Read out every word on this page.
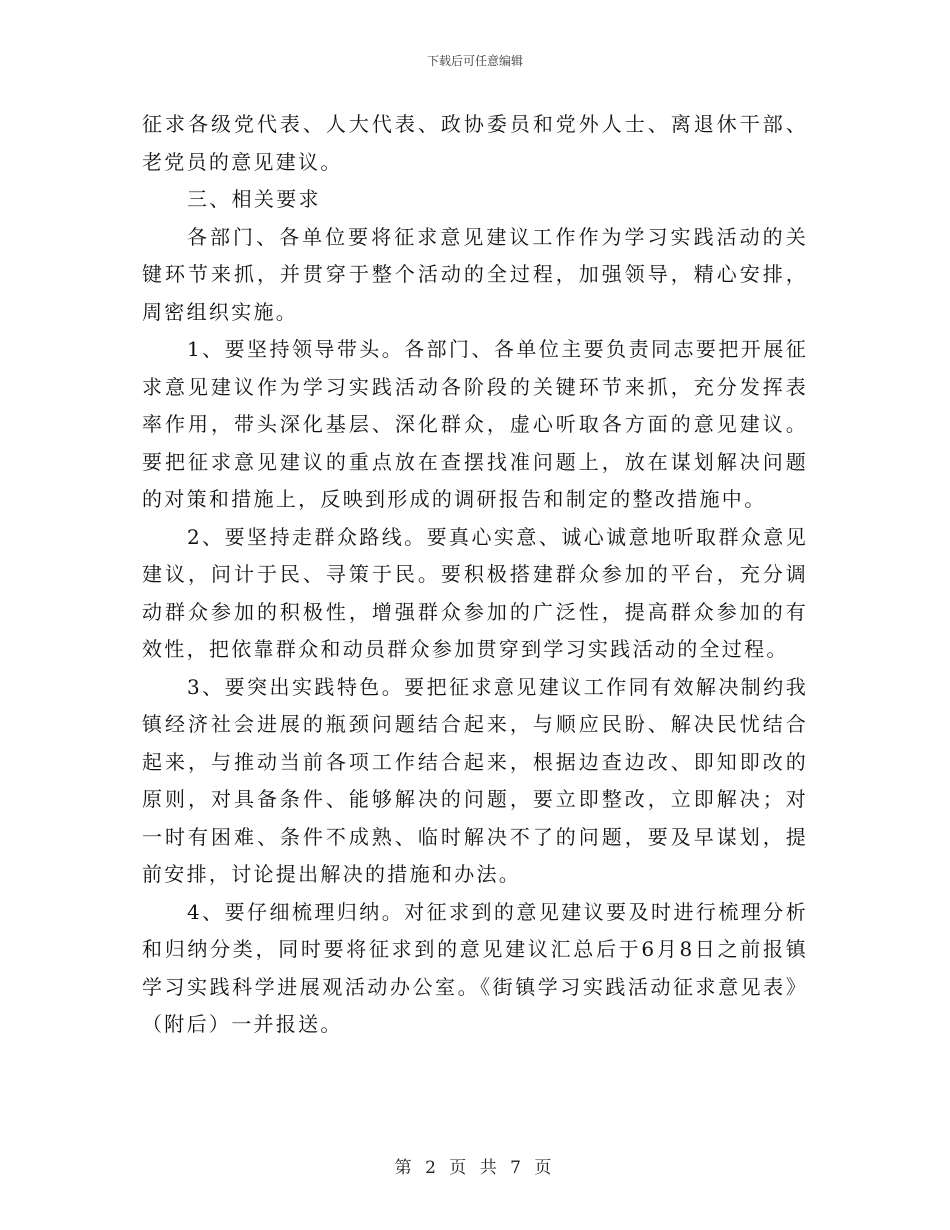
下载后可任意编辑

征求各级党代表、人大代表、政协委员和党外人士、离退休干部、老党员的意见建议。

三、相关要求

各部门、各单位要将征求意见建议工作作为学习实践活动的关键环节来抓，并贯穿于整个活动的全过程，加强领导，精心安排，周密组织实施。

1、要坚持领导带头。各部门、各单位主要负责同志要把开展征求意见建议作为学习实践活动各阶段的关键环节来抓，充分发挥表率作用，带头深化基层、深化群众，虚心听取各方面的意见建议。要把征求意见建议的重点放在查摆找准问题上，放在谋划解决问题的对策和措施上，反映到形成的调研报告和制定的整改措施中。

2、要坚持走群众路线。要真心实意、诚心诚意地听取群众意见建议，问计于民、寻策于民。要积极搭建群众参加的平台，充分调动群众参加的积极性，增强群众参加的广泛性，提高群众参加的有效性，把依靠群众和动员群众参加贯穿到学习实践活动的全过程。

3、要突出实践特色。要把征求意见建议工作同有效解决制约我镇经济社会进展的瓶颈问题结合起来，与顺应民盼、解决民忧结合起来，与推动当前各项工作结合起来，根据边查边改、即知即改的原则，对具备条件、能够解决的问题，要立即整改，立即解决；对一时有困难、条件不成熟、临时解决不了的问题，要及早谋划，提前安排，讨论提出解决的措施和办法。

4、要仔细梳理归纳。对征求到的意见建议要及时进行梳理分析和归纳分类，同时要将征求到的意见建议汇总后于6月8日之前报镇学习实践科学进展观活动办公室。《街镇学习实践活动征求意见表》（附后）一并报送。

第 2 页 共 7 页
